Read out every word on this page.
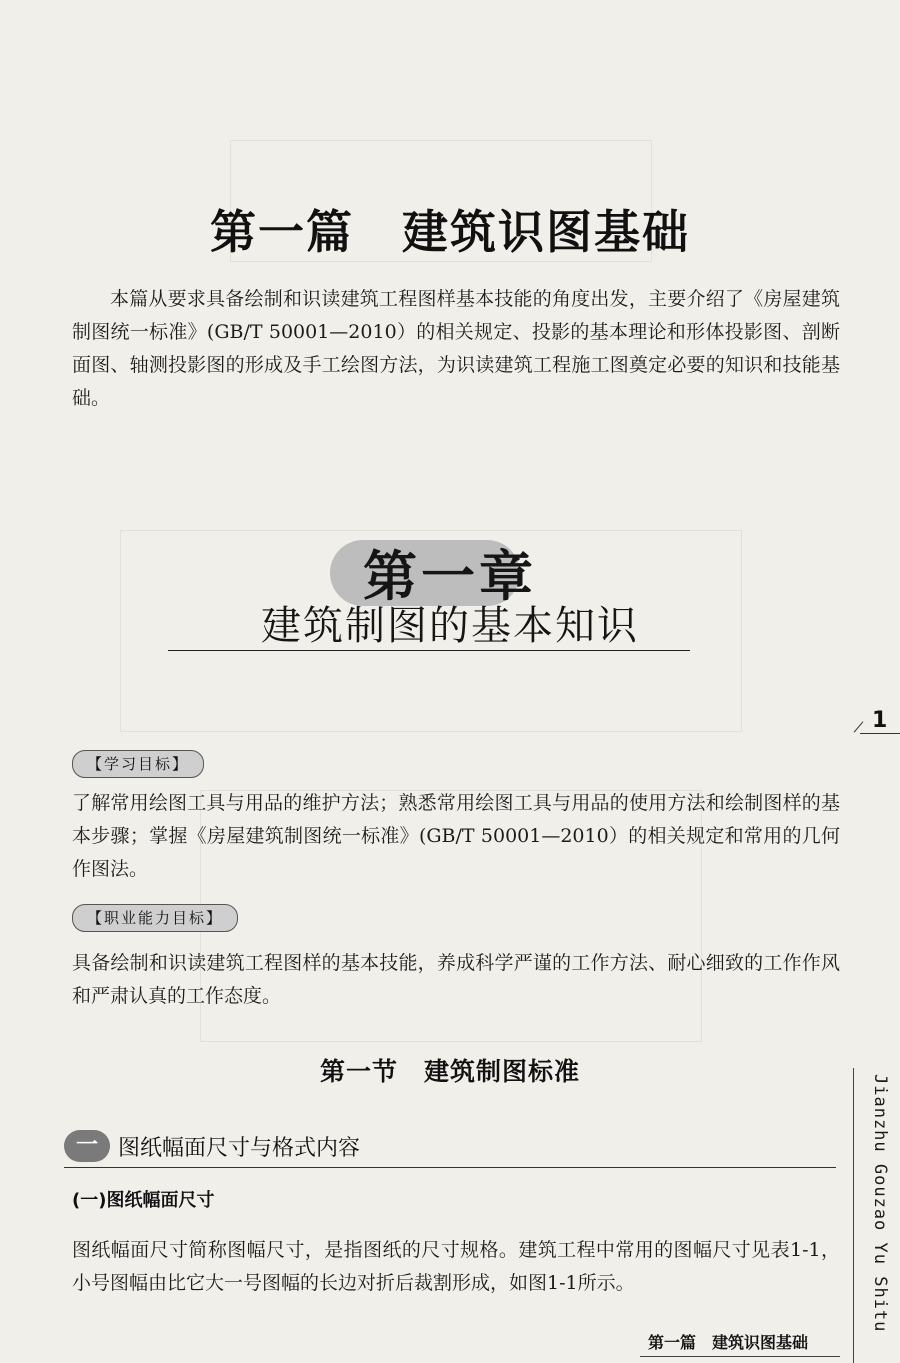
第一篇　建筑识图基础
本篇从要求具备绘制和识读建筑工程图样基本技能的角度出发，主要介绍了《房屋建筑制图统一标准》(GB/T 50001—2010）的相关规定、投影的基本理论和形体投影图、剖断面图、轴测投影图的形成及手工绘图方法，为识读建筑工程施工图奠定必要的知识和技能基础。
第一章
建筑制图的基本知识
1
【学习目标】
了解常用绘图工具与用品的维护方法；熟悉常用绘图工具与用品的使用方法和绘制图样的基本步骤；掌握《房屋建筑制图统一标准》(GB/T 50001—2010）的相关规定和常用的几何作图法。
【职业能力目标】
具备绘制和识读建筑工程图样的基本技能，养成科学严谨的工作方法、耐心细致的工作作风和严肃认真的工作态度。
第一节　建筑制图标准
一 图纸幅面尺寸与格式内容
(一)图纸幅面尺寸
图纸幅面尺寸简称图幅尺寸，是指图纸的尺寸规格。建筑工程中常用的图幅尺寸见表1-1，小号图幅由比它大一号图幅的长边对折后裁割形成，如图1-1所示。
第一篇　建筑识图基础
Jianzhu Gouzao Yu Shitu
